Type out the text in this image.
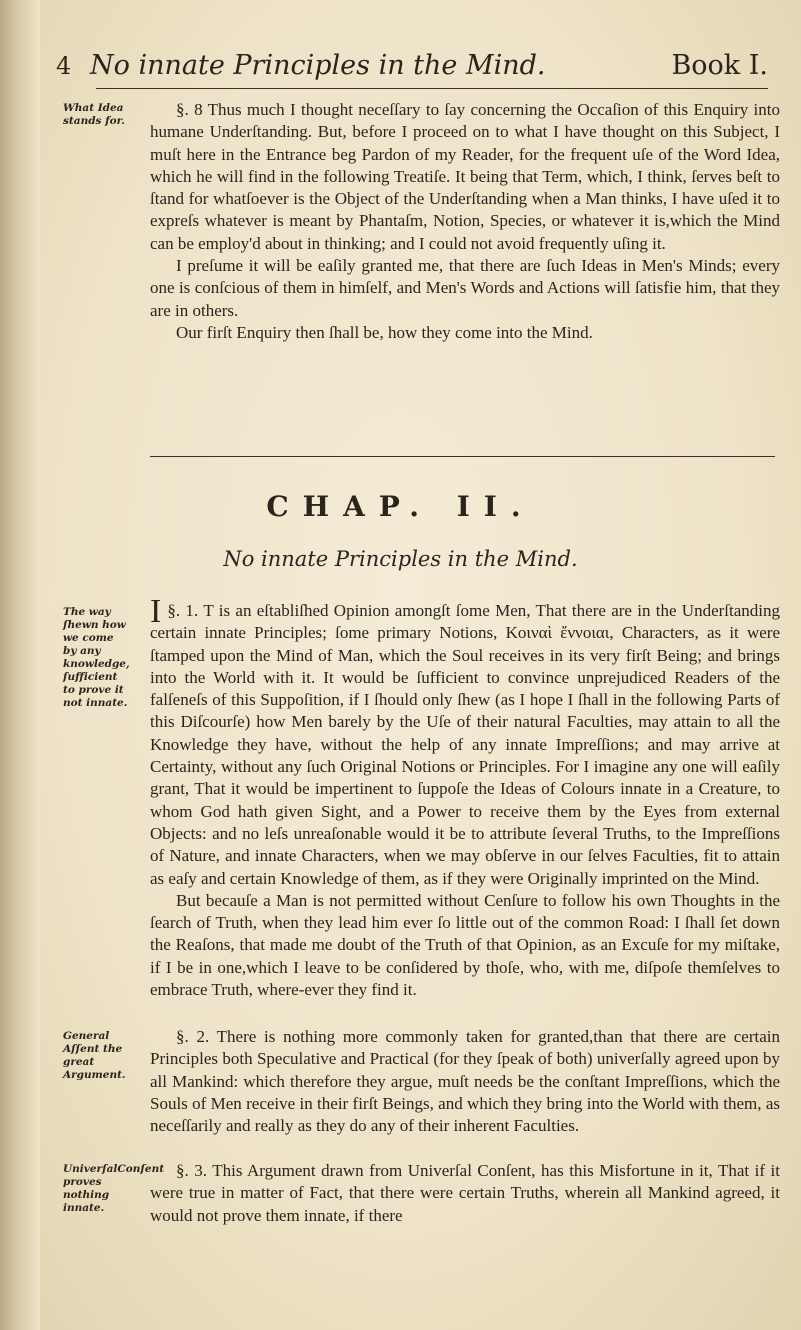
4 No innate Principles in the Mind.	Book I.
What Idea stands for.

§. 8 Thus much I thought neceſſary to ſay concerning the Occaſion of this Enquiry into humane Underſtanding. But, before I proceed on to what I have thought on this Subject, I muſt here in the Entrance beg Pardon of my Reader, for the frequent uſe of the Word Idea, which he will find in the following Treatiſe. It being that Term, which, I think, ſerves beſt to ſtand for whatſoever is the Object of the Underſtanding when a Man thinks, I have uſed it to expreſs whatever is meant by Phantaſm, Notion, Species, or whatever it is,which the Mind can be employ'd about in thinking; and I could not avoid frequently uſing it.

I preſume it will be eaſily granted me, that there are ſuch Ideas in Men's Minds; every one is conſcious of them in himſelf, and Men's Words and Actions will ſatisfie him, that they are in others.

Our firſt Enquiry then ſhall be, how they come into the Mind.

CHAP. II.
No innate Principles in the Mind.
The way ſhewn how we come by any knowledge, ſufficient to prove it not innate.

§. 1.
I T is an eſtabliſhed Opinion amongſt ſome Men, That there are in the Underſtanding certain innate Principles; ſome primary Notions, Κοιναὶ ἔννοιαι, Characters, as it were ſtamped upon the Mind of Man, which the Soul receives in its very firſt Being; and brings into the World with it. It would be ſufficient to convince unprejudiced Readers of the falſeneſs of this Suppoſition, if I ſhould only ſhew (as I hope I ſhall in the following Parts of this Diſcourſe) how Men barely by the Uſe of their natural Faculties, may attain to all the Knowledge they have, without the help of any innate Impreſſions; and may arrive at Certainty, without any ſuch Original Notions or Principles. For I imagine any one will eaſily grant, That it would be impertinent to ſuppoſe the Ideas of Colours innate in a Creature, to whom God hath given Sight, and a Power to receive them by the Eyes from external Objects: and no leſs unreaſonable would it be to attribute ſeveral Truths, to the Impreſſions of Nature, and innate Characters, when we may obſerve in our ſelves Faculties, fit to attain as eaſy and certain Knowledge of them, as if they were Originally imprinted on the Mind.

But becauſe a Man is not permitted without Cenſure to follow his own Thoughts in the ſearch of Truth, when they lead him ever ſo little out of the common Road: I ſhall ſet down the Reaſons, that made me doubt of the Truth of that Opinion, as an Excuſe for my miſtake, if I be in one,which I leave to be conſidered by thoſe, who, with me, diſpoſe themſelves to embrace Truth, where-ever they find it.

General Aſſent the great Argument.

§. 2. There is nothing more commonly taken for granted,than that there are certain Principles both Speculative and Practical (for they ſpeak of both) univerſally agreed upon by all Mankind: which therefore they argue, muſt needs be the conſtant Impreſſions, which the Souls of Men receive in their firſt Beings, and which they bring into the World with them, as neceſſarily and really as they do any of their inherent Faculties.

UniverſalConſent proves nothing innate.

§. 3. This Argument drawn from Univerſal Conſent, has this Misfortune in it, That if it were true in matter of Fact, that there were certain Truths, wherein all Mankind agreed, it would not prove them innate, if there
